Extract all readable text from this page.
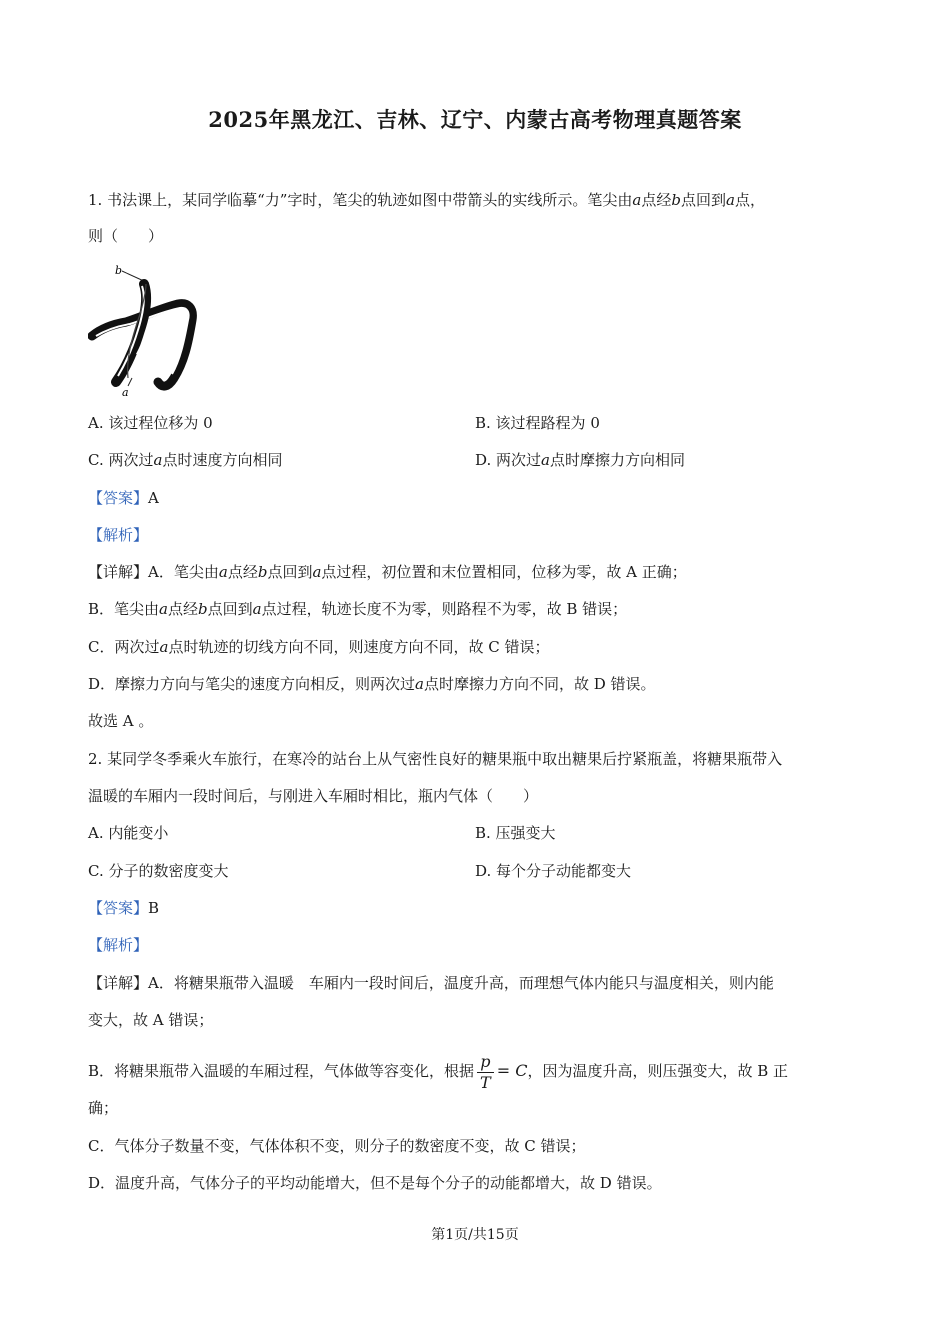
2025年黑龙江、吉林、辽宁、内蒙古高考物理真题答案
1. 书法课上，某同学临摹“力”字时，笔尖的轨迹如图中带箭头的实线所示。笔尖由a点经b点回到a点，
则（　　）
b
a
A. 该过程位移为 0	B. 该过程路程为 0
C. 两次过a点时速度方向相同	D. 两次过a点时摩擦力方向相同
【答案】A
【解析】
【详解】A．笔尖由a点经b点回到a点过程，初位置和末位置相同，位移为零，故 A 正确；
B．笔尖由a点经b点回到a点过程，轨迹长度不为零，则路程不为零，故 B 错误；
C．两次过a点时轨迹的切线方向不同，则速度方向不同，故 C 错误；
D．摩擦力方向与笔尖的速度方向相反，则两次过a点时摩擦力方向不同，故 D 错误。
故选 A 。
2. 某同学冬季乘火车旅行，在寒冷的站台上从气密性良好的糖果瓶中取出糖果后拧紧瓶盖，将糖果瓶带入
温暖的车厢内一段时间后，与刚进入车厢时相比，瓶内气体（　　）
A. 内能变小	B. 压强变大
C. 分子的数密度变大	D. 每个分子动能都变大
【答案】B
【解析】
【详解】A．将糖果瓶带入温暖　车厢内一段时间后，温度升高，而理想气体内能只与温度相关，则内能
变大，故 A 错误；
B．将糖果瓶带入温暖的车厢过程，气体做等容变化，根据 $\frac{p}{T} = C$，因为温度升高，则压强变大，故 B 正
确；
C．气体分子数量不变，气体体积不变，则分子的数密度不变，故 C 错误；
D．温度升高，气体分子的平均动能增大，但不是每个分子的动能都增大，故 D 错误。
第1页/共15页
